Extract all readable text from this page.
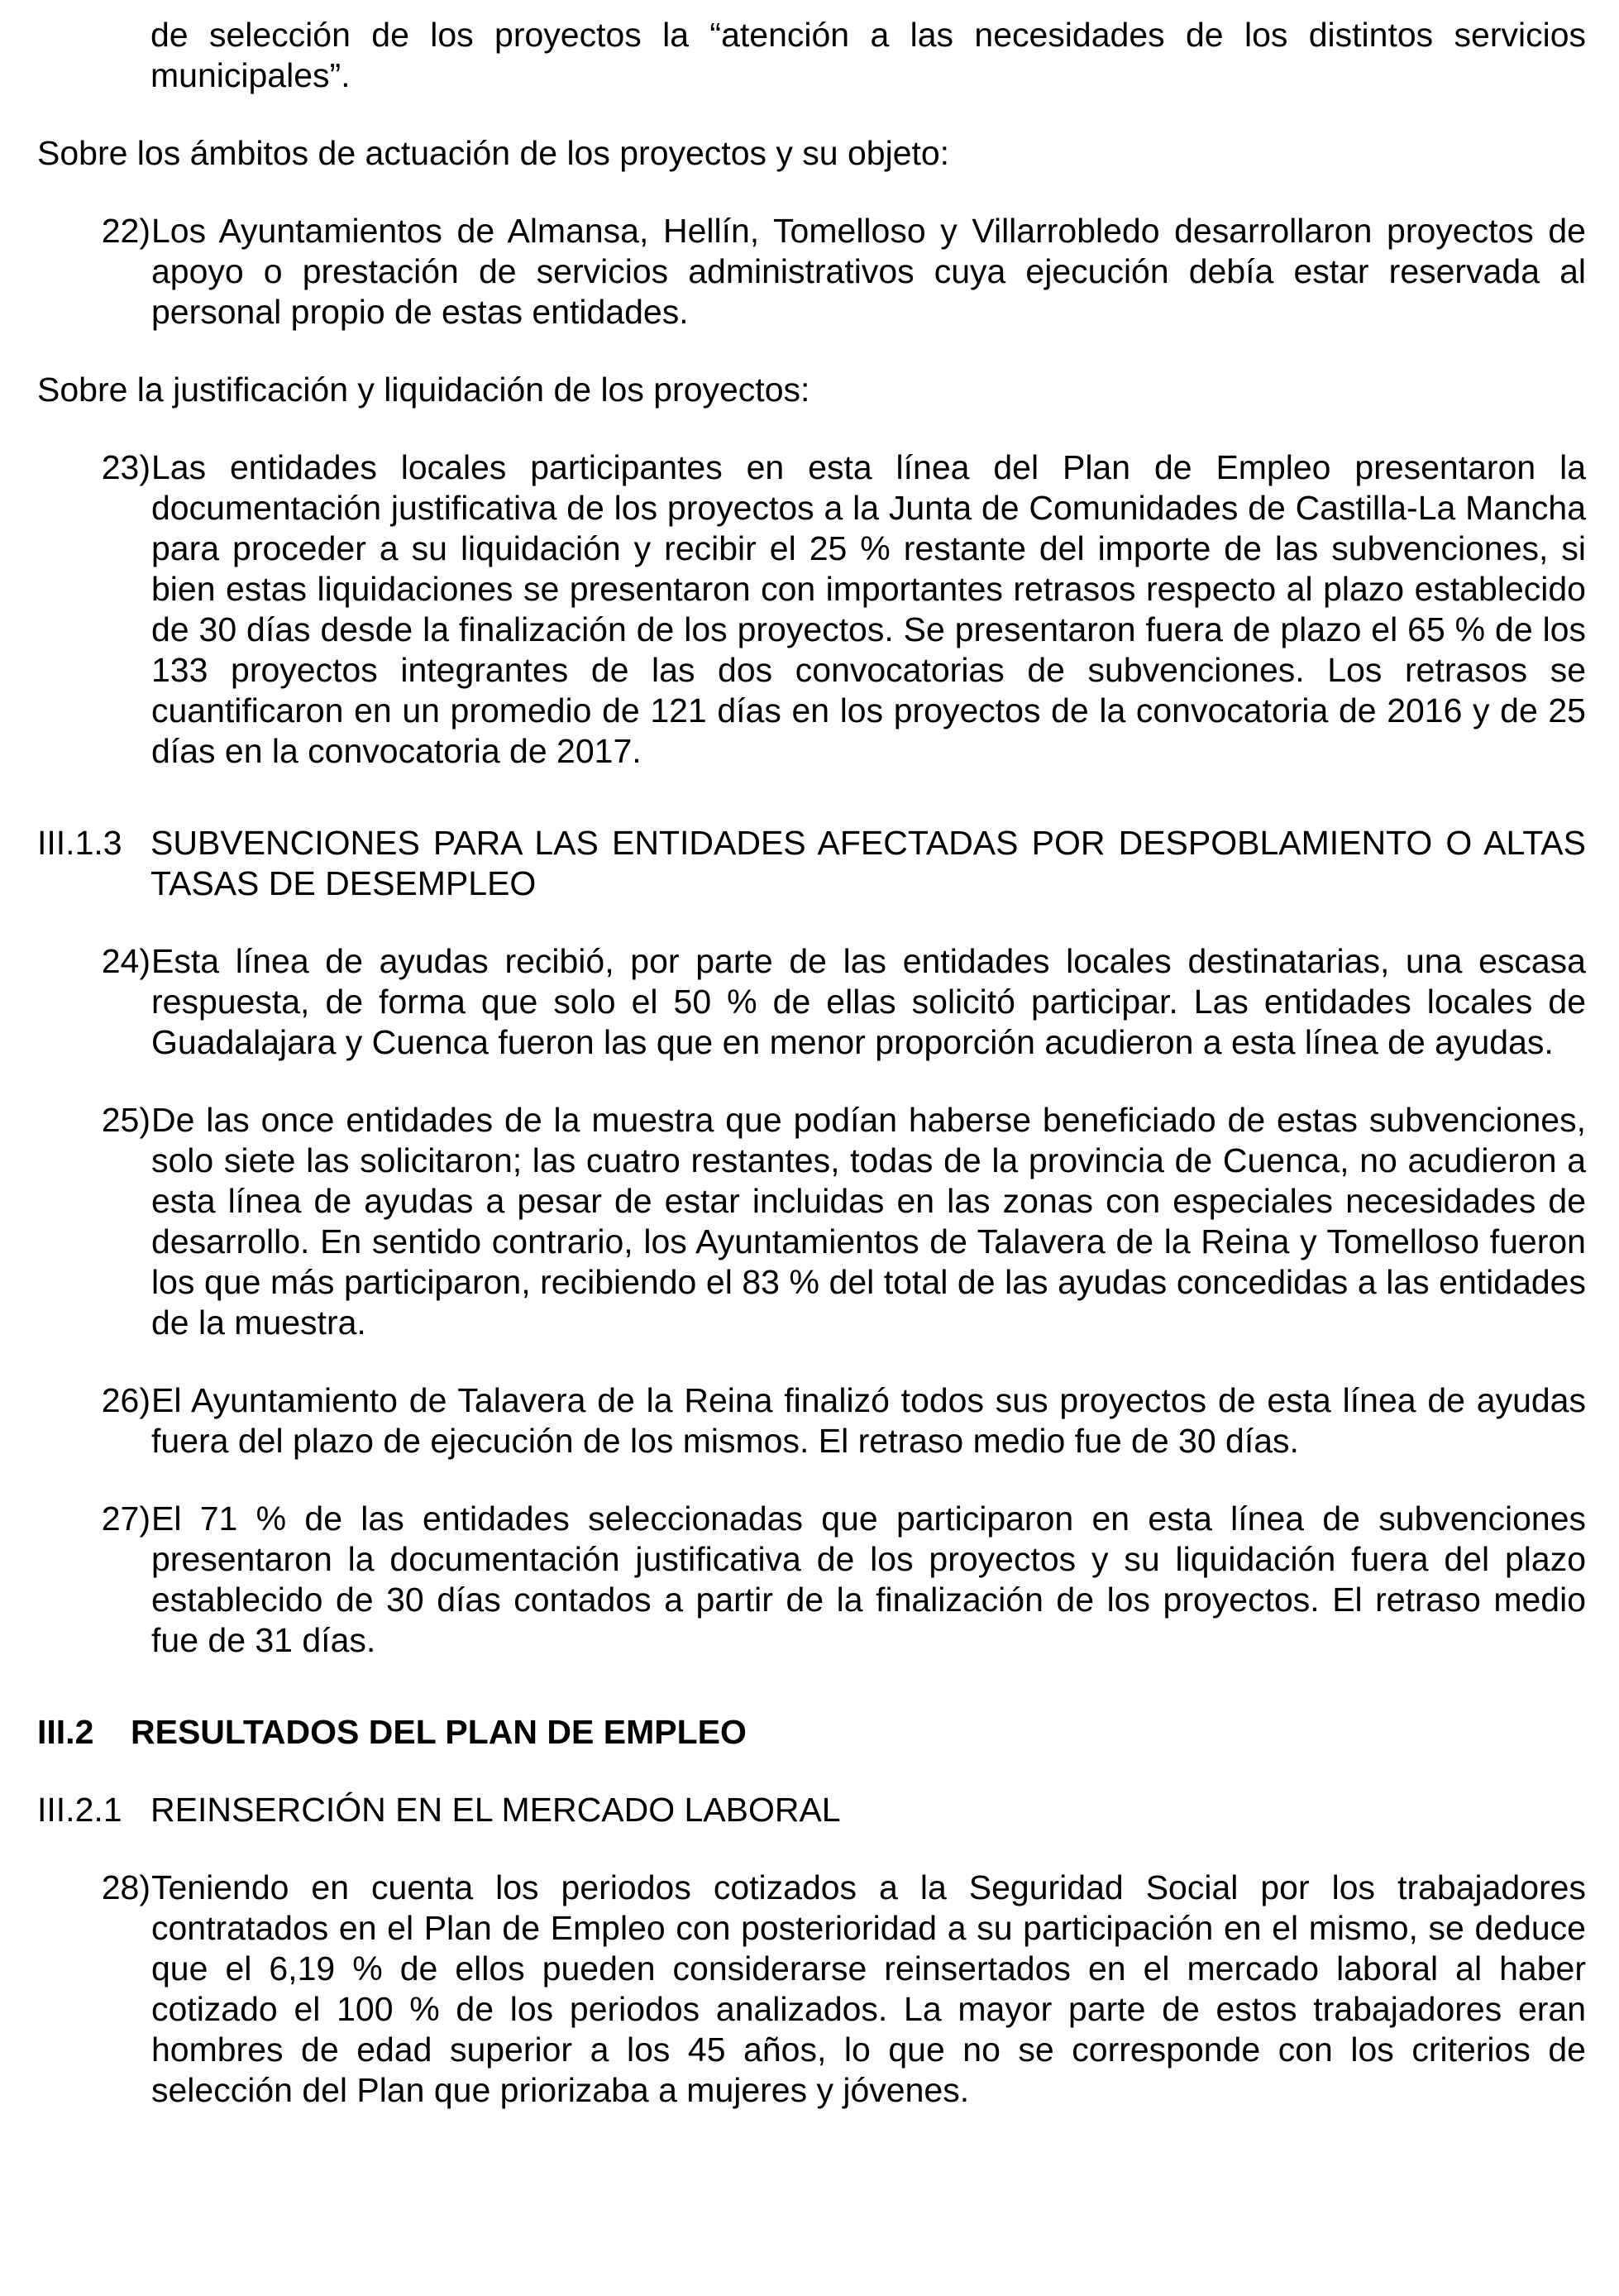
de selección de los proyectos la “atención a las necesidades de los distintos servicios municipales”.

Sobre los ámbitos de actuación de los proyectos y su objeto:

22) Los Ayuntamientos de Almansa, Hellín, Tomelloso y Villarrobledo desarrollaron proyectos de apoyo o prestación de servicios administrativos cuya ejecución debía estar reservada al personal propio de estas entidades.

Sobre la justificación y liquidación de los proyectos:

23) Las entidades locales participantes en esta línea del Plan de Empleo presentaron la documentación justificativa de los proyectos a la Junta de Comunidades de Castilla-La Mancha para proceder a su liquidación y recibir el 25 % restante del importe de las subvenciones, si bien estas liquidaciones se presentaron con importantes retrasos respecto al plazo establecido de 30 días desde la finalización de los proyectos. Se presentaron fuera de plazo el 65 % de los 133 proyectos integrantes de las dos convocatorias de subvenciones. Los retrasos se cuantificaron en un promedio de 121 días en los proyectos de la convocatoria de 2016 y de 25 días en la convocatoria de 2017.

III.1.3 SUBVENCIONES PARA LAS ENTIDADES AFECTADAS POR DESPOBLAMIENTO O ALTAS TASAS DE DESEMPLEO

24) Esta línea de ayudas recibió, por parte de las entidades locales destinatarias, una escasa respuesta, de forma que solo el 50 % de ellas solicitó participar. Las entidades locales de Guadalajara y Cuenca fueron las que en menor proporción acudieron a esta línea de ayudas.

25) De las once entidades de la muestra que podían haberse beneficiado de estas subvenciones, solo siete las solicitaron; las cuatro restantes, todas de la provincia de Cuenca, no acudieron a esta línea de ayudas a pesar de estar incluidas en las zonas con especiales necesidades de desarrollo. En sentido contrario, los Ayuntamientos de Talavera de la Reina y Tomelloso fueron los que más participaron, recibiendo el 83 % del total de las ayudas concedidas a las entidades de la muestra.

26) El Ayuntamiento de Talavera de la Reina finalizó todos sus proyectos de esta línea de ayudas fuera del plazo de ejecución de los mismos. El retraso medio fue de 30 días.

27) El 71 % de las entidades seleccionadas que participaron en esta línea de subvenciones presentaron la documentación justificativa de los proyectos y su liquidación fuera del plazo establecido de 30 días contados a partir de la finalización de los proyectos. El retraso medio fue de 31 días.

III.2	RESULTADOS DEL PLAN DE EMPLEO

III.2.1 REINSERCIÓN EN EL MERCADO LABORAL

28) Teniendo en cuenta los periodos cotizados a la Seguridad Social por los trabajadores contratados en el Plan de Empleo con posterioridad a su participación en el mismo, se deduce que el 6,19 % de ellos pueden considerarse reinsertados en el mercado laboral al haber cotizado el 100 % de los periodos analizados. La mayor parte de estos trabajadores eran hombres de edad superior a los 45 años, lo que no se corresponde con los criterios de selección del Plan que priorizaba a mujeres y jóvenes.
